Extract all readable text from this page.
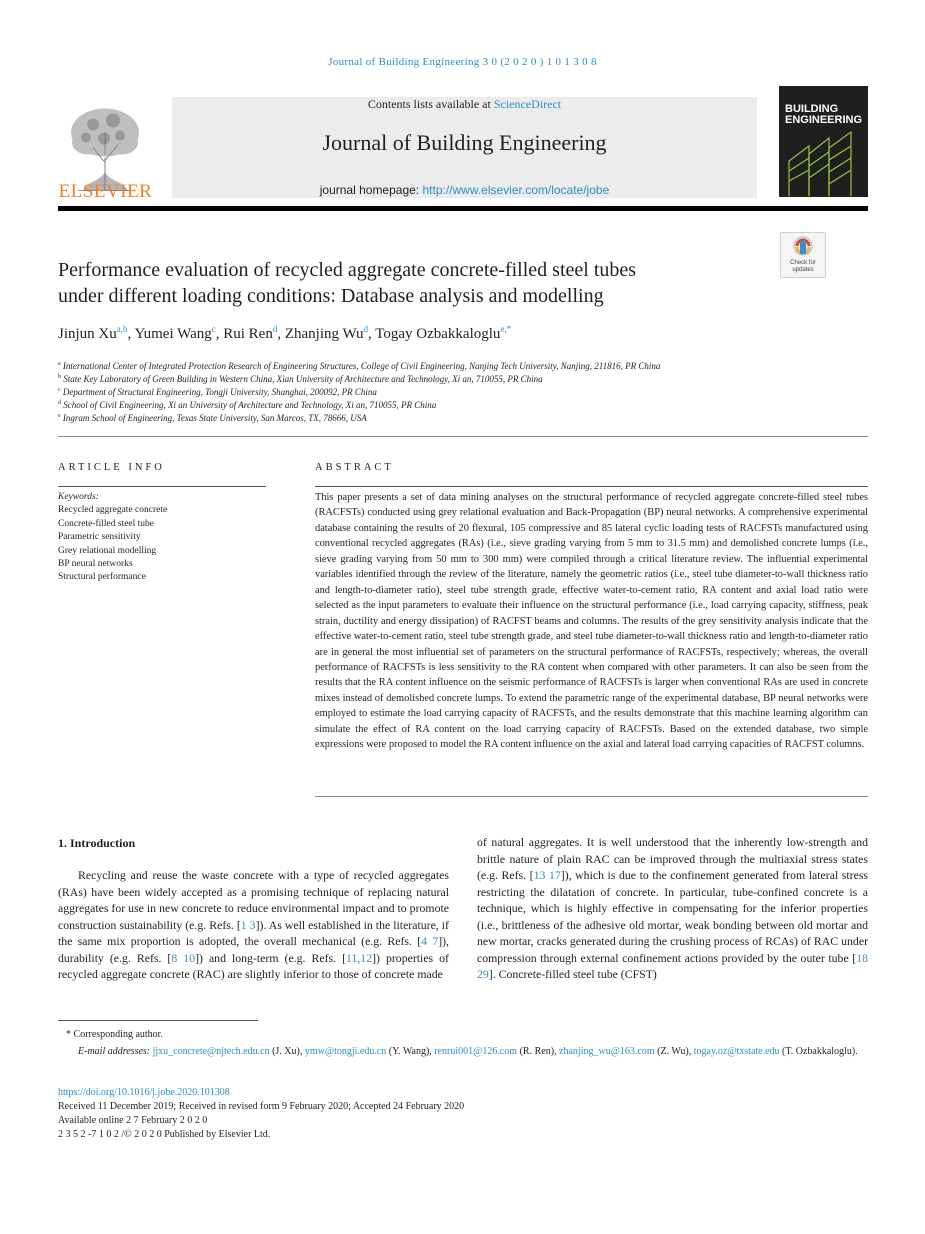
Journal of Building Engineering 3 0 (2 0 2 0 ) 1 0 1 3 0 8
ELSEVIER
Contents lists available at ScienceDirect
Journal of Building Engineering
journal homepage: http://www.elsevier.com/locate/jobe
BUILDING
ENGINEERING
Check for
updates
Performance evaluation of recycled aggregate concrete-filled steel tubes
under different loading conditions: Database analysis and modelling
Jinjun Xu$^{a,b}$, Yumei Wang$^c$, Rui Ren$^d$, Zhanjing Wu$^d$, Togay Ozbakkaloglu$^{e,*}$
$^a$ International Center of Integrated Protection Research of Engineering Structures, College of Civil Engineering, Nanjing Tech University, Nanjing, 211816, PR China
$^b$ State Key Laboratory of Green Building in Western China, Xian University of Architecture and Technology, Xi an, 710055, PR China
$^c$ Department of Structural Engineering, Tongji University, Shanghai, 200092, PR China
$^d$ School of Civil Engineering, Xi an University of Architecture and Technology, Xi an, 710055, PR China
$^e$ Ingram School of Engineering, Texas State University, San Marcos, TX, 78666, USA
ARTICLE INFO	ABSTRACT
Keywords:
Recycled aggregate concrete
Concrete-filled steel tube
Parametric sensitivity
Grey relational modelling
BP neural networks
Structural performance
This paper presents a set of data mining analyses on the structural performance of recycled aggregate concrete-filled steel tubes (RACFSTs) conducted using grey relational evaluation and Back-Propagation (BP) neural networks. A comprehensive experimental database containing the results of 20 flexural, 105 compressive and 85 lateral cyclic loading tests of RACFSTs manufactured using conventional recycled aggregates (RAs) (i.e., sieve grading varying from 5 mm to 31.5 mm) and demolished concrete lumps (i.e., sieve grading varying from 50 mm to 300 mm) were compiled through a critical literature review. The influential experimental variables identified through the review of the literature, namely the geometric ratios (i.e., steel tube diameter-to-wall thickness ratio and length-to-diameter ratio), steel tube strength grade, effective water-to-cement ratio, RA content and axial load ratio were selected as the input parameters to evaluate their influence on the structural performance (i.e., load carrying capacity, stiffness, peak strain, ductility and energy dissipation) of RACFST beams and columns. The results of the grey sensitivity analysis indicate that the effective water-to-cement ratio, steel tube strength grade, and steel tube diameter-to-wall thickness ratio and length-to-diameter ratio are in general the most influential set of parameters on the structural performance of RACFSTs, respectively; whereas, the overall performance of RACFSTs is less sensitivity to the RA content when compared with other parameters. It can also be seen from the results that the RA content influence on the seismic performance of RACFSTs is larger when conventional RAs are used in concrete mixes instead of demolished concrete lumps. To extend the parametric range of the experimental database, BP neural networks were employed to estimate the load carrying capacity of RACFSTs, and the results demonstrate that this machine learning algorithm can simulate the effect of RA content on the load carrying capacity of RACFSTs. Based on the extended database, two simple expressions were proposed to model the RA content influence on the axial and lateral load carrying capacities of RACFST columns.
1. Introduction
Recycling and reuse the waste concrete with a type of recycled aggregates (RAs) have been widely accepted as a promising technique of replacing natural aggregates for use in new concrete to reduce environmental impact and to promote construction sustainability (e.g. Refs. [1 3]). As well established in the literature, if the same mix proportion is adopted, the overall mechanical (e.g. Refs. [4 7]), durability (e.g. Refs. [8 10]) and long-term (e.g. Refs. [11,12]) properties of recycled aggregate concrete (RAC) are slightly inferior to those of concrete made
of natural aggregates. It is well understood that the inherently low-strength and brittle nature of plain RAC can be improved through the multiaxial stress states (e.g. Refs. [13 17]), which is due to the confinement generated from lateral stress restricting the dilatation of concrete. In particular, tube-confined concrete is a technique, which is highly effective in compensating for the inferior properties (i.e., brittleness of the adhesive old mortar, weak bonding between old mortar and new mortar, cracks generated during the crushing process of RCAs) of RAC under compression through external confinement actions provided by the outer tube [18 29]. Concrete-filled steel tube (CFST)
* Corresponding author.
E-mail addresses: jjxu_concrete@njtech.edu.cn (J. Xu), ymw@tongji.edu.cn (Y. Wang), renrui001@126.com (R. Ren), zhanjing_wu@163.com (Z. Wu), togay.oz@txstate.edu (T. Ozbakkaloglu).
https://doi.org/10.1016/j.jobe.2020.101308
Received 11 December 2019; Received in revised form 9 February 2020; Accepted 24 February 2020
Available online 2 7 February 2 0 2 0
2 3 5 2 -7 1 0 2 /© 2 0 2 0 Published by Elsevier Ltd.
